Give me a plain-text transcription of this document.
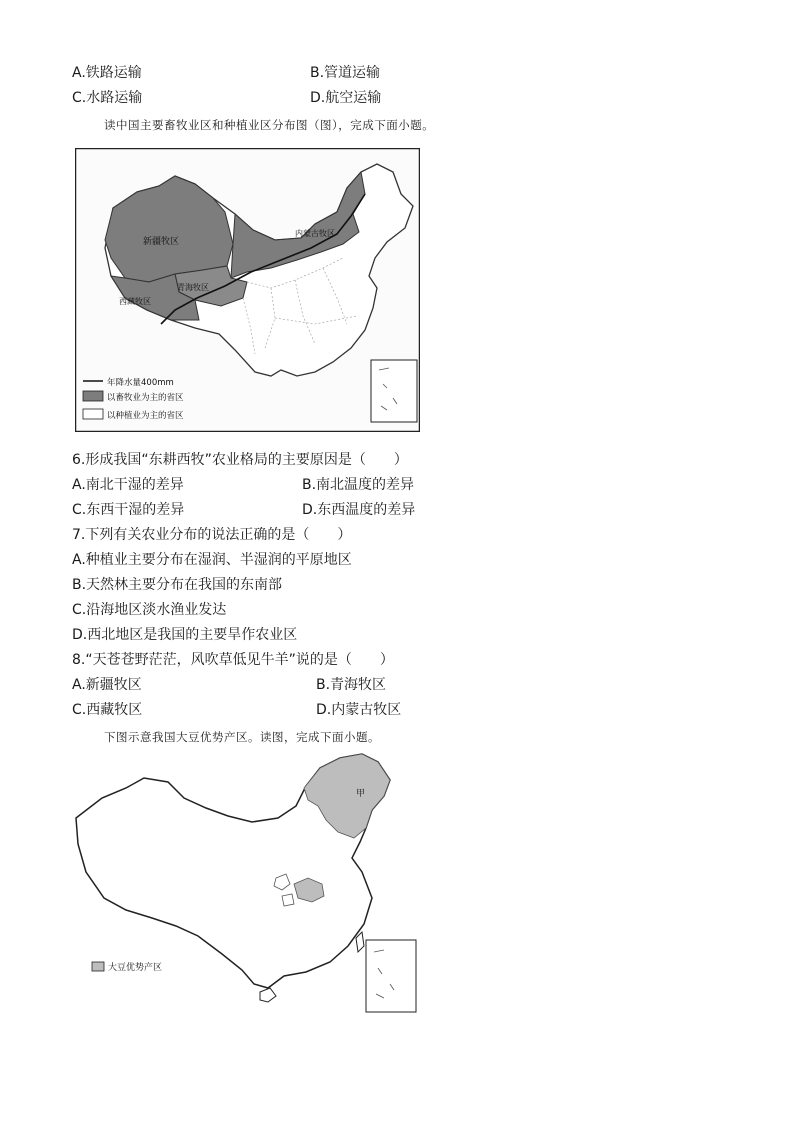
A.铁路运输	B.管道运输
C.水路运输	D.航空运输
读中国主要畜牧业区和种植业区分布图（图），完成下面小题。
新疆牧区
内蒙古牧区
青海牧区
西藏牧区
年降水量400mm
以畜牧业为主的省区
以种植业为主的省区
6.形成我国“东耕西牧”农业格局的主要原因是（　　）
A.南北干湿的差异	B.南北温度的差异
C.东西干湿的差异	D.东西温度的差异
7.下列有关农业分布的说法正确的是（　　）
A.种植业主要分布在湿润、半湿润的平原地区
B.天然林主要分布在我国的东南部
C.沿海地区淡水渔业发达
D.西北地区是我国的主要旱作农业区
8.“天苍苍野茫茫，风吹草低见牛羊”说的是（　　）
A.新疆牧区	B.青海牧区
C.西藏牧区	D.内蒙古牧区
下图示意我国大豆优势产区。读图，完成下面小题。
甲
大豆优势产区
